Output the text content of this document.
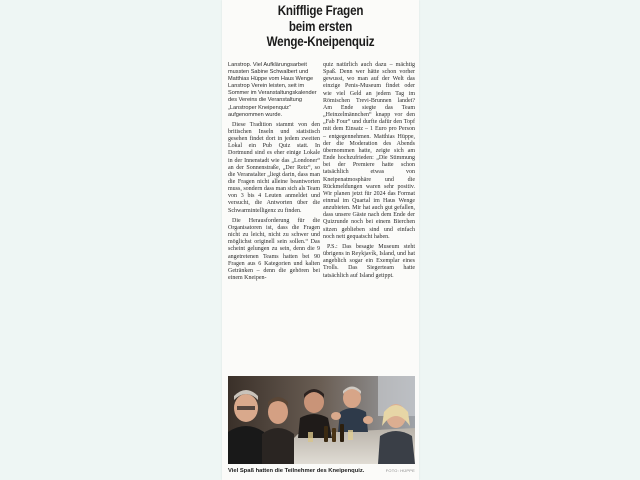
Knifflige Fragen
beim ersten
Wenge-Kneipenquiz

Lanstrop. Viel Aufklärungsarbeit mussten Sabine Schwalbert und Matthias Hüppe vom Haus Wenge Lanstrop Verein leisten, seit im Sommer im Veranstaltungskalender des Vereins die Veranstaltung „Lanstroper Kneipenquiz“ aufgenommen wurde.

Diese Tradition stammt von den britischen Inseln und statistisch gesehen findet dort in jedem zweiten Lokal ein Pub Quiz statt. In Dortmund sind es eher einige Lokale in der Innenstadt wie das „Londoner“ an der Sonnenstraße, „Der Reiz“, so die Veranstalter „liegt darin, dass man die Fragen nicht alleine beantworten muss, sondern dass man sich als Team von 3 bis 4 Leuten anmeldet und versucht, die Antworten über die Schwarmintelligenz zu finden.

Die Herausforderung für die Organisatoren ist, dass die Fragen nicht zu leicht, nicht zu schwer und möglichst originell sein sollen.“ Das scheint gelungen zu sein, denn die 9 angetretenen Teams hatten bei 90 Fragen aus 6 Kategorien und kalten Getränken – denn die gehören bei einem Kneipen-

quiz natürlich auch dazu – mächtig Spaß. Denn wer hätte schon vorher gewusst, wo man auf der Welt das einzige Penis-Museum findet oder wie viel Geld an jedem Tag im Römischen Trevi-Brunnen landet? Am Ende siegte das Team „Heinzelmännchen“ knapp vor den „Fab Four“ und durfte dafür den Topf mit dem Einsatz – 1 Euro pro Person – entgegennehmen. Matthias Hüppe, der die Moderation des Abends übernommen hatte, zeigte sich am Ende hochzufrieden: „Die Stimmung bei der Premiere hatte schon tatsächlich etwas von Kneipenatmosphäre und die Rückmeldungen waren sehr positiv. Wir planen jetzt für 2024 das Format einmal im Quartal im Haus Wenge anzubieten. Mir hat auch gut gefallen, dass unsere Gäste nach dem Ende der Quizrunde noch bei einem Bierchen sitzen geblieben sind und einfach noch nett gequatscht haben.

P.S.: Das besagte Museum steht übrigens in Reykjavík, Island, und hat angeblich sogar ein Exemplar eines Trolls. Das Siegerteam hatte tatsächlich auf Island getippt.

Viel Spaß hatten die Teilnehmer des Kneipenquiz.	FOTO: HÜPPE
